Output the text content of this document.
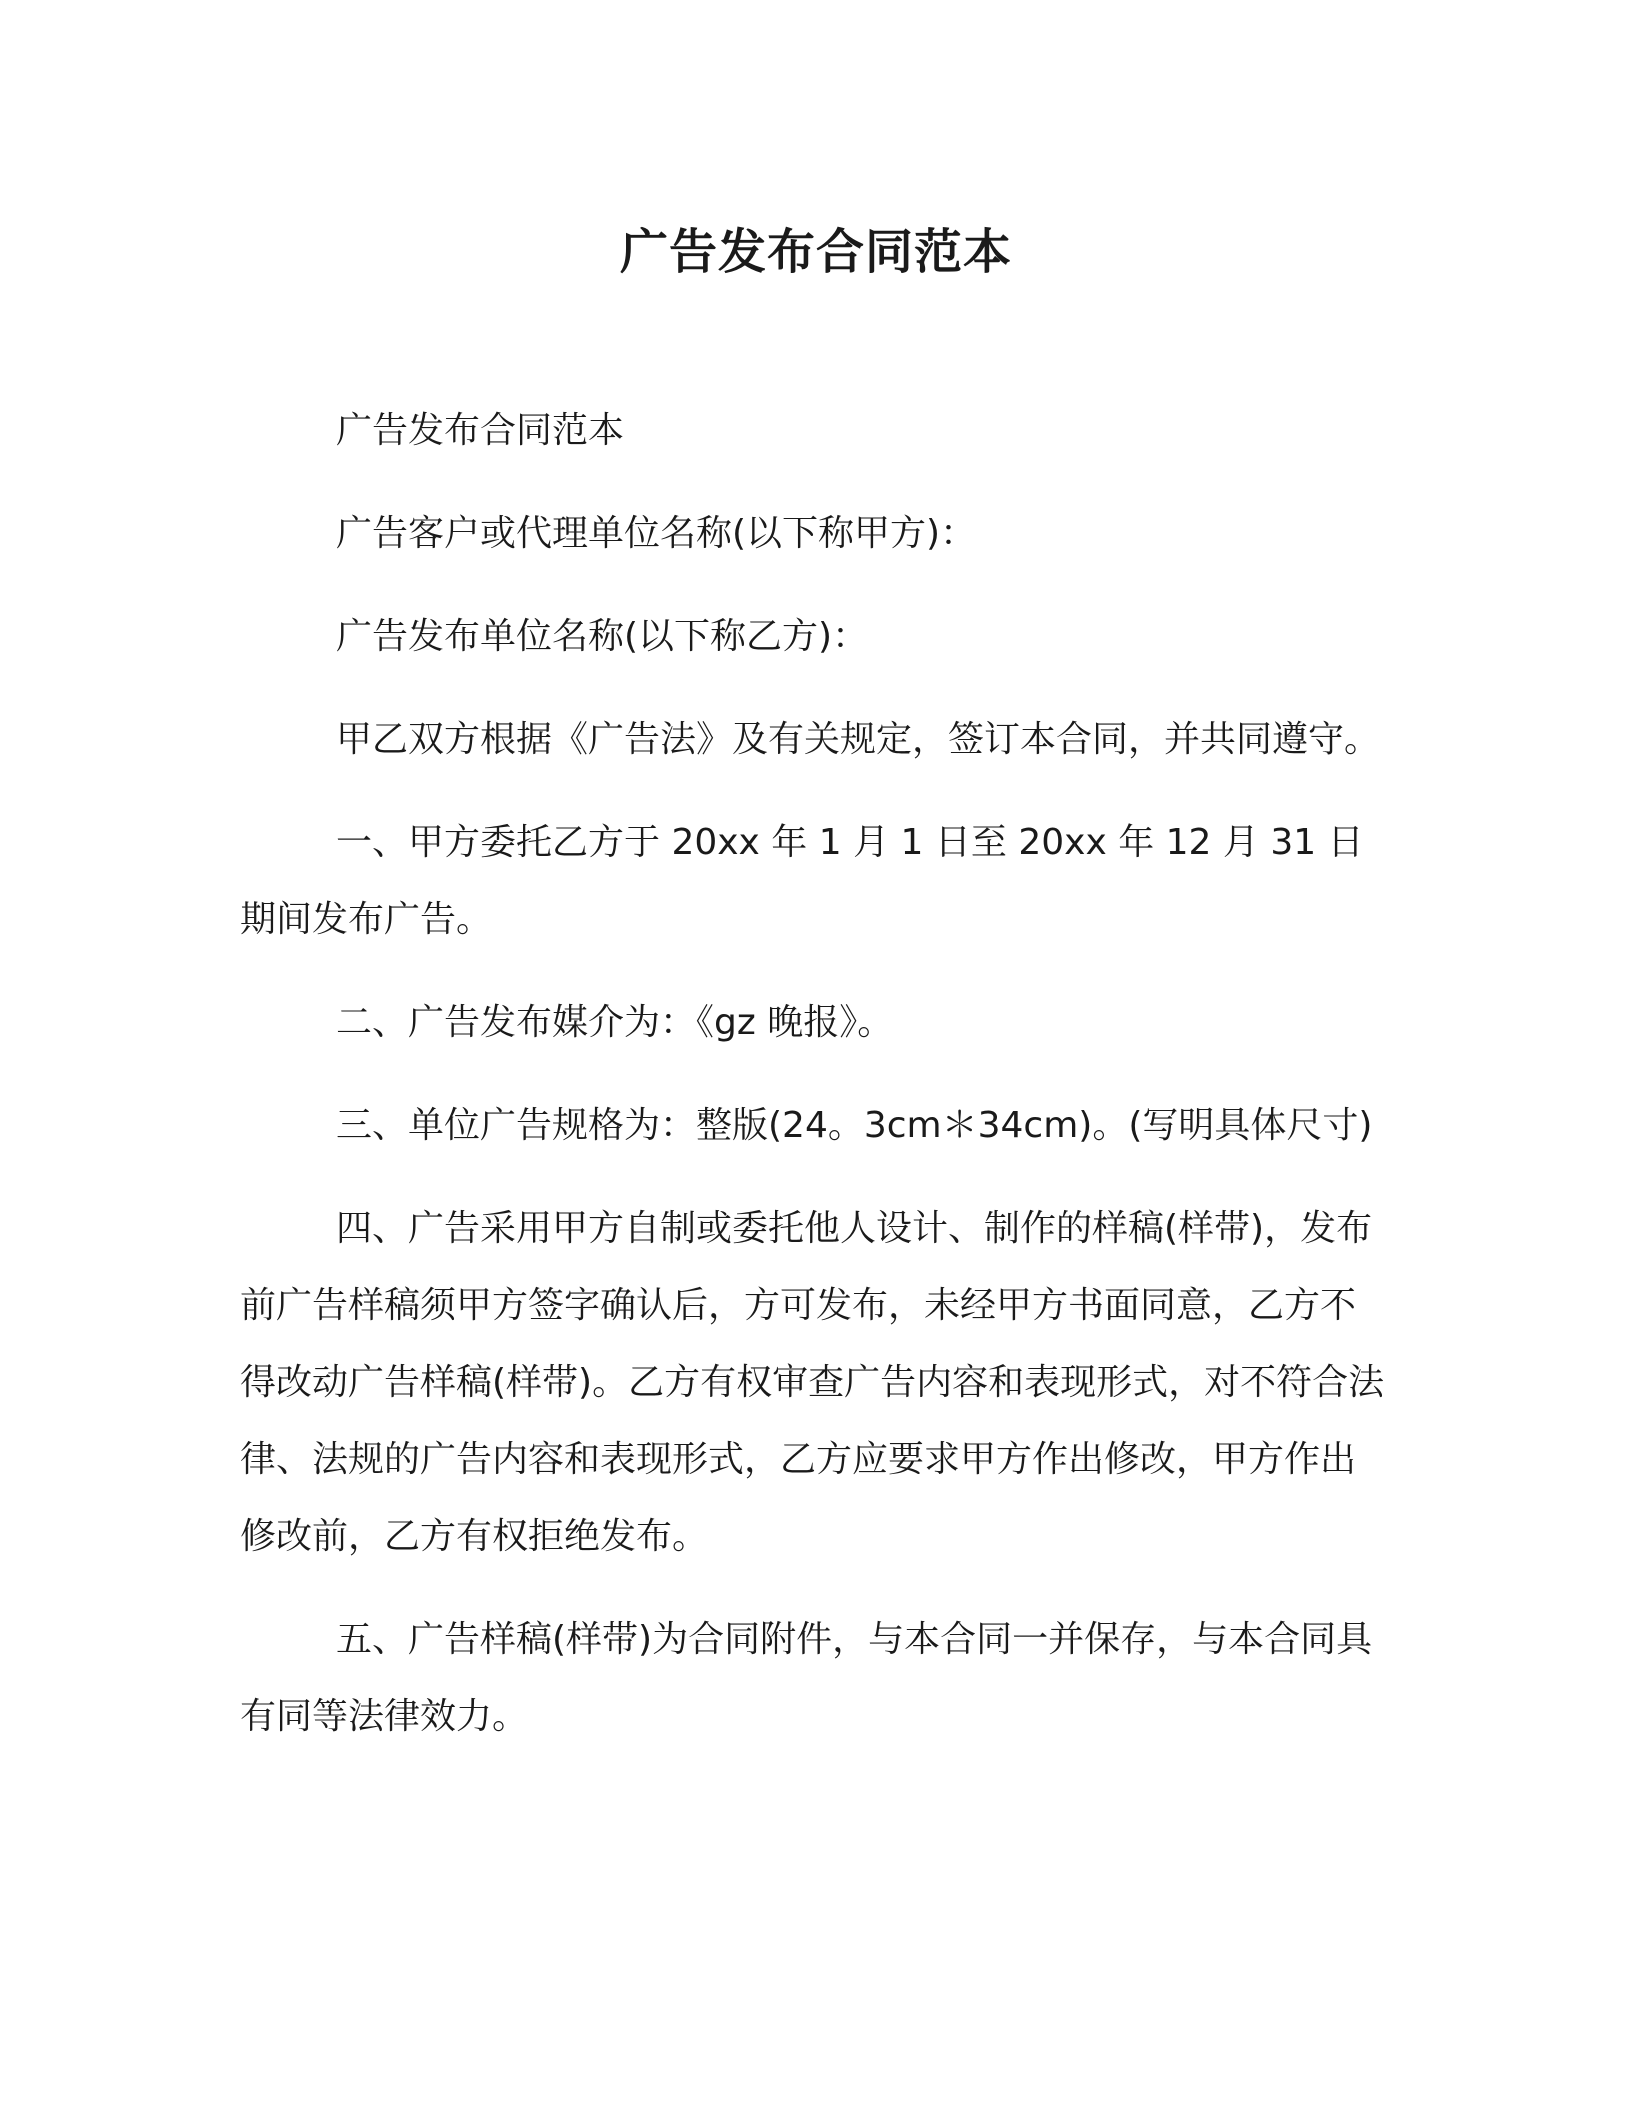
广告发布合同范本

广告发布合同范本

广告客户或代理单位名称(以下称甲方)：

广告发布单位名称(以下称乙方)：

甲乙双方根据《广告法》及有关规定，签订本合同，并共同遵守。

一、甲方委托乙方于 20xx 年 1 月 1 日至 20xx 年 12 月 31 日期间发布广告。

二、广告发布媒介为：《gz 晚报》。

三、单位广告规格为：整版(24。3cm＊34cm)。(写明具体尺寸)

四、广告采用甲方自制或委托他人设计、制作的样稿(样带)，发布前广告样稿须甲方签字确认后，方可发布，未经甲方书面同意，乙方不得改动广告样稿(样带)。乙方有权审查广告内容和表现形式，对不符合法律、法规的广告内容和表现形式，乙方应要求甲方作出修改，甲方作出修改前，乙方有权拒绝发布。

五、广告样稿(样带)为合同附件，与本合同一并保存，与本合同具有同等法律效力。
